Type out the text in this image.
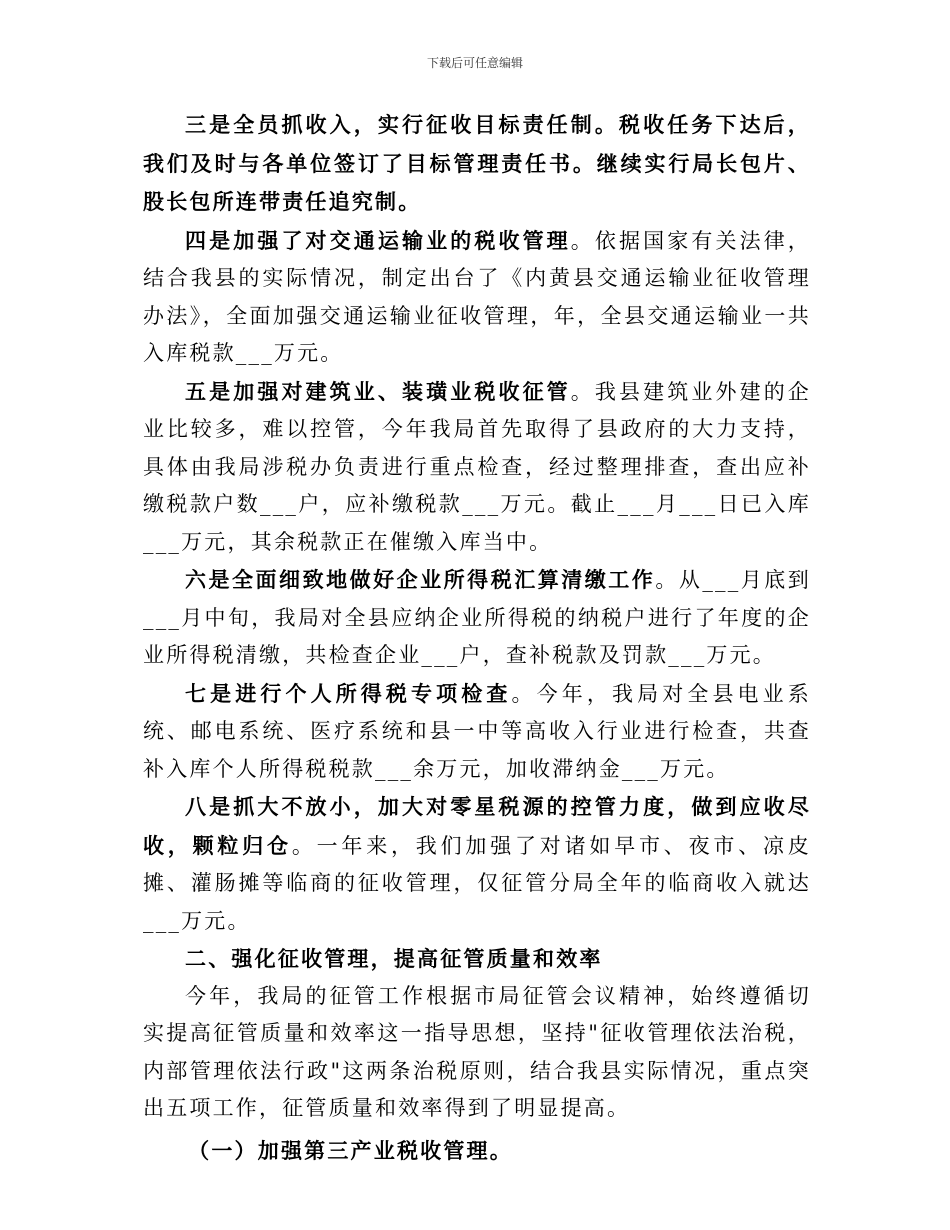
下载后可任意编辑

三是全员抓收入，实行征收目标责任制。税收任务下达后，我们及时与各单位签订了目标管理责任书。继续实行局长包片、股长包所连带责任追究制。

四是加强了对交通运输业的税收管理。依据国家有关法律，结合我县的实际情况，制定出台了《内黄县交通运输业征收管理办法》，全面加强交通运输业征收管理，年，全县交通运输业一共入库税款___万元。

五是加强对建筑业、装璜业税收征管。我县建筑业外建的企业比较多，难以控管，今年我局首先取得了县政府的大力支持，具体由我局涉税办负责进行重点检查，经过整理排查，查出应补缴税款户数___户，应补缴税款___万元。截止___月___日已入库___万元，其余税款正在催缴入库当中。

六是全面细致地做好企业所得税汇算清缴工作。从___月底到___月中旬，我局对全县应纳企业所得税的纳税户进行了年度的企业所得税清缴，共检查企业___户，查补税款及罚款___万元。

七是进行个人所得税专项检查。今年，我局对全县电业系统、邮电系统、医疗系统和县一中等高收入行业进行检查，共查补入库个人所得税税款___余万元，加收滞纳金___万元。

八是抓大不放小，加大对零星税源的控管力度，做到应收尽收，颗粒归仓。一年来，我们加强了对诸如早市、夜市、凉皮摊、灌肠摊等临商的征收管理，仅征管分局全年的临商收入就达___万元。

二、强化征收管理，提高征管质量和效率

今年，我局的征管工作根据市局征管会议精神，始终遵循切实提高征管质量和效率这一指导思想，坚持"征收管理依法治税，内部管理依法行政"这两条治税原则，结合我县实际情况，重点突出五项工作，征管质量和效率得到了明显提高。

（一）加强第三产业税收管理。
